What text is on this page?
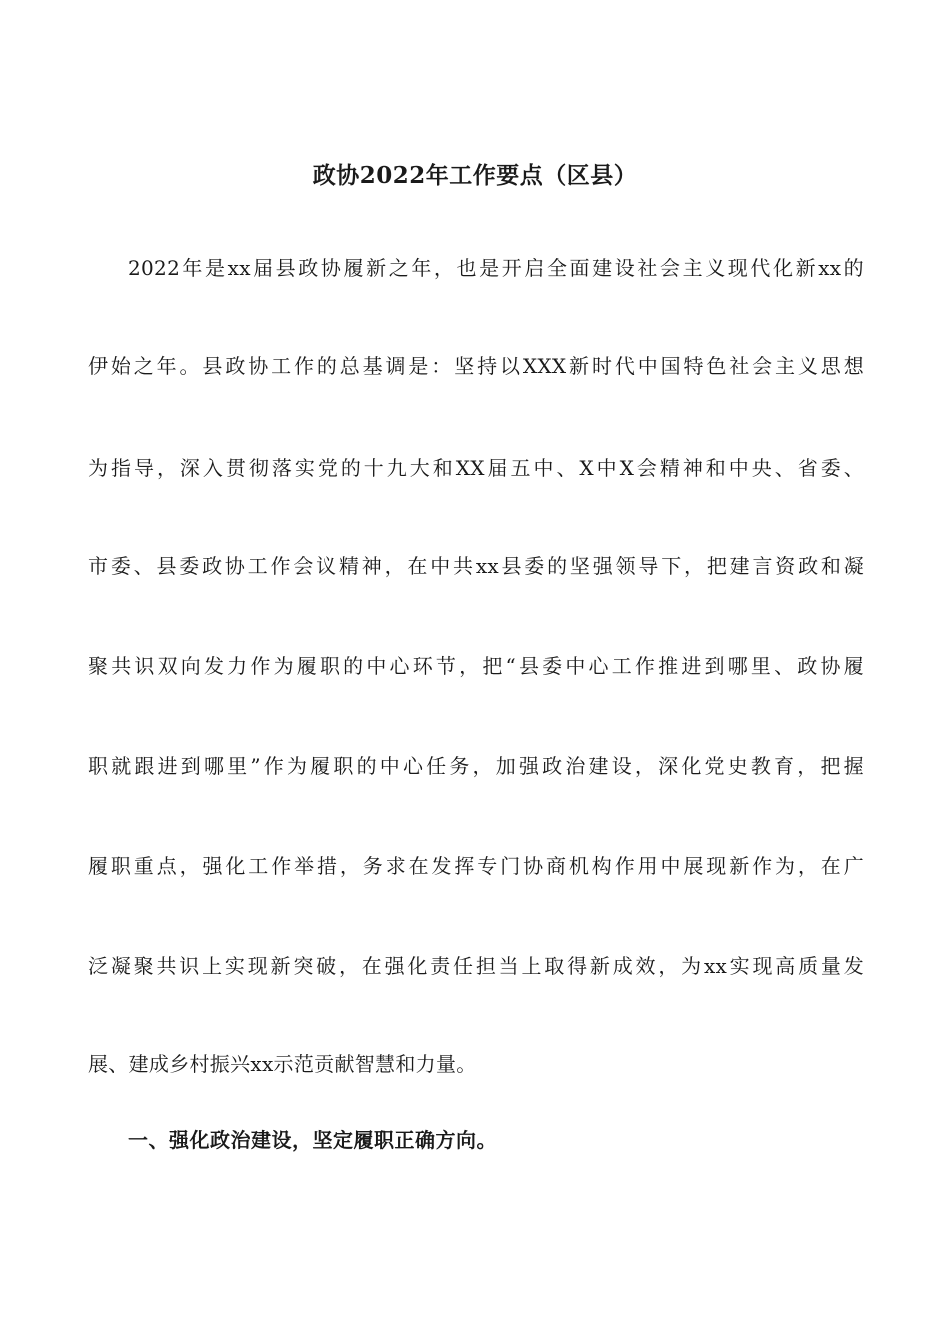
政协2022年工作要点（区县）
2022年是xx届县政协履新之年，也是开启全面建设社会主义现代化新xx的
伊始之年。县政协工作的总基调是：坚持以XXX新时代中国特色社会主义思想
为指导，深入贯彻落实党的十九大和XX届五中、X中X会精神和中央、省委、
市委、县委政协工作会议精神，在中共xx县委的坚强领导下，把建言资政和凝
聚共识双向发力作为履职的中心环节，把“县委中心工作推进到哪里、政协履
职就跟进到哪里”作为履职的中心任务，加强政治建设，深化党史教育，把握
履职重点，强化工作举措，务求在发挥专门协商机构作用中展现新作为，在广
泛凝聚共识上实现新突破，在强化责任担当上取得新成效，为xx实现高质量发
展、建成乡村振兴xx示范贡献智慧和力量。
一、强化政治建设，坚定履职正确方向。
